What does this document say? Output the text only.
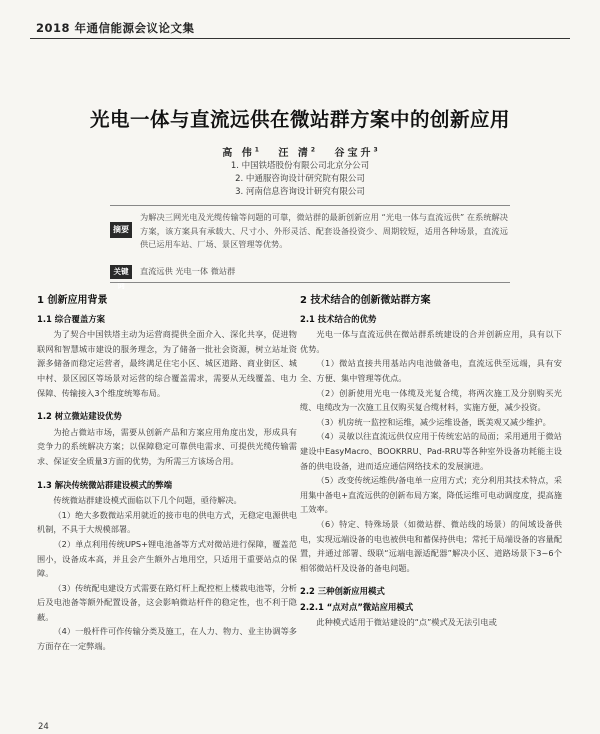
2018 年通信能源会议论文集
光电一体与直流远供在微站群方案中的创新应用
高 伟$^1$ 汪 清$^2$ 谷宝升$^3$
1. 中国铁塔股份有限公司北京分公司
2. 中通服咨询设计研究院有限公司
3. 河南信息咨询设计研究有限公司
摘要
为解决三网光电及光缆传输等问题的可靠，微站群的最新创新应用 “光电一体与直流远供” 在系统解决方案，该方案具有承载大、尺寸小、外形灵活、配套设备投资少、周期较短，适用各种场景，直流远供已运用车站、厂场、景区管理等优势。
关键词
直流远供 光电一体 微站群
1 创新应用背景
1.1 综合覆盖方案
为了契合中国铁塔主动为运营商提供全面介入、深化共享，促进物联网和智慧城市建设的服务理念，为了储备一批社会资源，树立站址资源多储备而稳定运营者，最终满足住宅小区、城区道路、商业街区、城中村、景区园区等场景对运营的综合覆盖需求，需要从无线覆盖、电力保障、传输接入3个维度统筹布局。
1.2 树立微站建设优势
为抢占微站市场，需要从创新产品和方案应用角度出发，形成具有竞争力的系统解决方案；以保障稳定可靠供电需求、可提供光缆传输需求、保证安全质量3方面的优势，为所需三方该场合用。
1.3 解决传统微站群建设模式的弊端
传统微站群建设模式面临以下几个问题，亟待解决。
（1）绝大多数微站采用就近的接市电的供电方式，无稳定电源供电机制，不具于大规模部署。
（2）单点利用传统UPS+锂电池备等方式对微站进行保障，覆盖范围小，设备成本高，并且会产生额外占地用空，只适用于重要站点的保障。
（3）传统配电建设方式需要在路灯杆上配控柜上楼栽电池等，分析后及电池备等额外配置设备，这会影响微站杆件的稳定性，也不利于隐蔽。
（4）一般杆件可作传输分类及施工，在人力、物力、业主协调等多方面存在一定弊端。
2 技术结合的创新微站群方案
2.1 技术结合的优势
光电一体与直流远供在微站群系统建设的合并创新应用，具有以下优势。
（1）微站直接共用基站内电池做备电，直流远供至远端，具有安全、方便、集中管理等优点。
（2）创新使用光电一体缆及光复合缆，将两次施工及分别购买光缆、电缆改为一次施工且仅购买复合缆材料，实施方便，减少投资。
（3）机房统一监控和运维，减少运维设备，既美观又减少维护。
（4）灵敏以往直流远供仅应用于传统宏站的局面；采用通用于微站建设中EasyMacro、BOOKRRU、Pad-RRU等各种室外设备功耗能主设备的供电设备，进而适应通信网络技术的发展演进。
（5）改变传统运维供/备电单一应用方式；充分利用其技术特点，采用集中备电+直流远供的创新布局方案，降低运维可电动调度度，提高施工效率。
（6）特定、特殊场景（如微站群、微站线的场景）的间域设备供电，实现远端设备的电也被供电和蓄保持供电；常托于局端设备的容量配置，并通过部署、级联“远端电源适配器”解决小区、道路场景下3~6个相邻微站杆及设备的备电问题。
2.2 三种创新应用模式
2.2.1 “点对点”微站应用模式
此种模式适用于微站建设的“点”模式及无法引电或
24
